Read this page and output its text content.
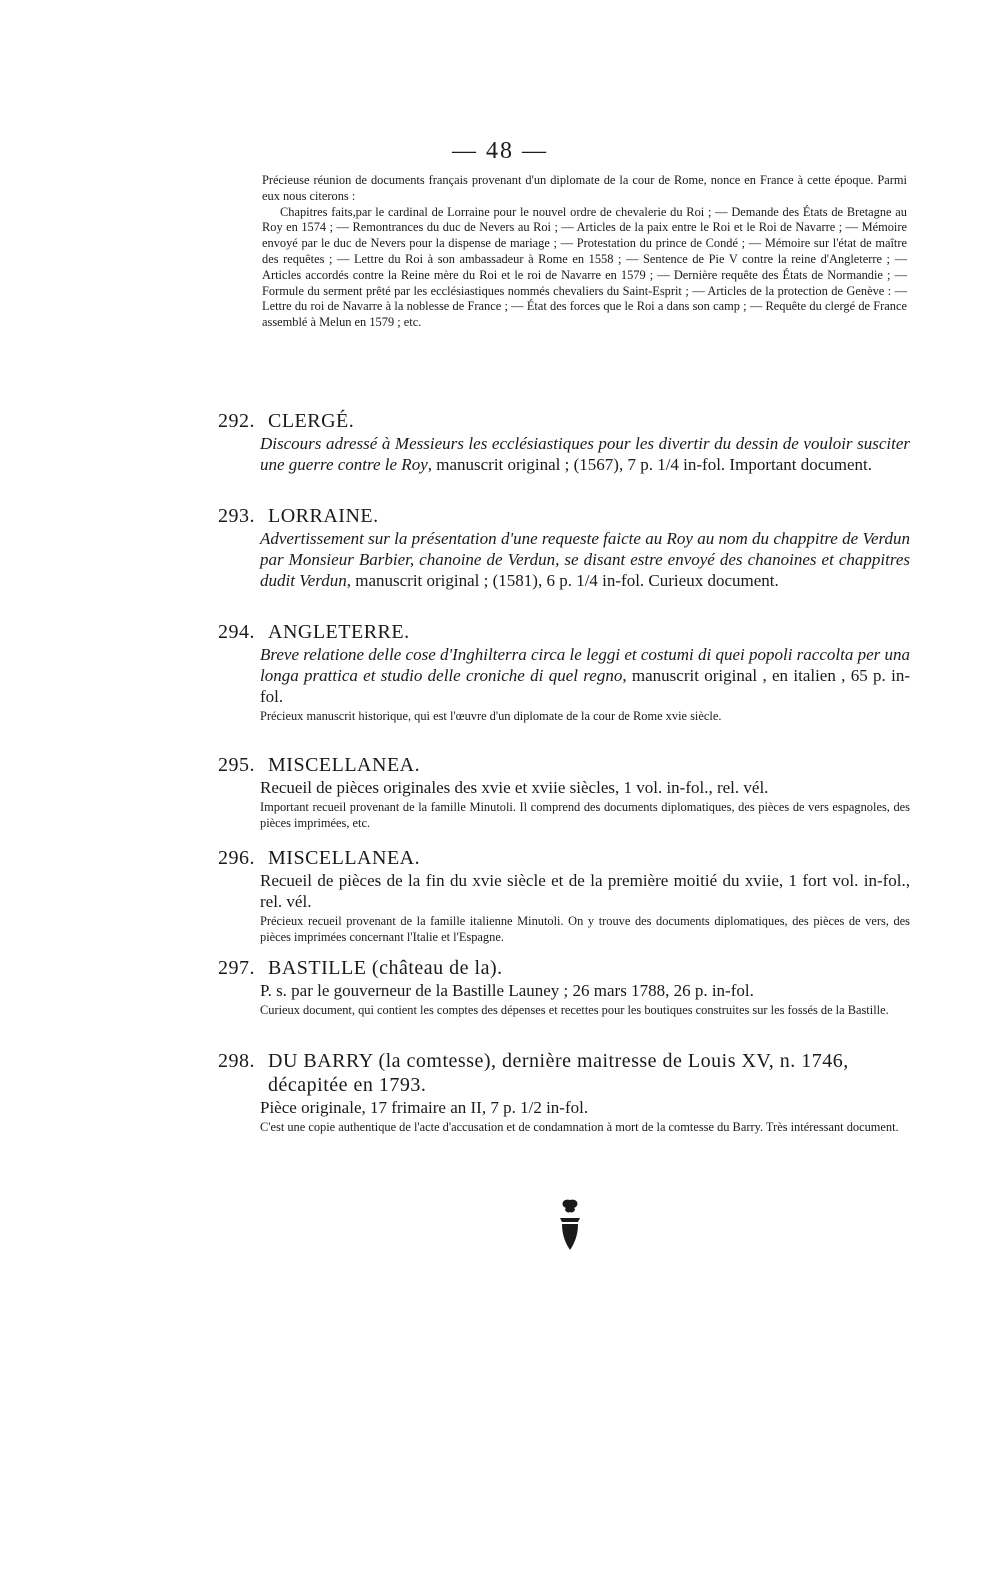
— 48 —

Précieuse réunion de documents français provenant d'un diplomate de la cour de Rome, nonce en France à cette époque. Parmi eux nous citerons :

Chapitres faits,par le cardinal de Lorraine pour le nouvel ordre de chevalerie du Roi ; — Demande des États de Bretagne au Roy en 1574 ; — Remontrances du duc de Nevers au Roi ; — Articles de la paix entre le Roi et le Roi de Navarre ; — Mémoire envoyé par le duc de Nevers pour la dispense de mariage ; — Protestation du prince de Condé ; — Mémoire sur l'état de maître des requêtes ; — Lettre du Roi à son ambassadeur à Rome en 1558 ; — Sentence de Pie V contre la reine d'Angleterre ; — Articles accordés contre la Reine mère du Roi et le roi de Navarre en 1579 ; — Dernière requête des États de Normandie ; — Formule du serment prêté par les ecclésiastiques nommés chevaliers du Saint-Esprit ; — Articles de la protection de Genève : — Lettre du roi de Navarre à la noblesse de France ; — État des forces que le Roi a dans son camp ; — Requête du clergé de France assemblé à Melun en 1579 ; etc.

292. CLERGÉ.
Discours adressé à Messieurs les ecclésiastiques pour les divertir du dessin de vouloir susciter une guerre contre le Roy, manuscrit original ; (1567), 7 p. 1/4 in-fol. Important document.
293. LORRAINE.
Advertissement sur la présentation d'une requeste faicte au Roy au nom du chappitre de Verdun par Monsieur Barbier, chanoine de Verdun, se disant estre envoyé des chanoines et chappitres dudit Verdun, manuscrit original ; (1581), 6 p. 1/4 in-fol. Curieux document.
294. ANGLETERRE.
Breve relatione delle cose d'Inghilterra circa le leggi et costumi di quei popoli raccolta per una longa prattica et studio delle croniche di quel regno, manuscrit original , en italien , 65 p. in-fol.
Précieux manuscrit historique, qui est l'œuvre d'un diplomate de la cour de Rome xvie siècle.
295. MISCELLANEA.
Recueil de pièces originales des xvie et xviie siècles, 1 vol. in-fol., rel. vél.
Important recueil provenant de la famille Minutoli. Il comprend des documents diplomatiques, des pièces de vers espagnoles, des pièces imprimées, etc.
296. MISCELLANEA.
Recueil de pièces de la fin du xvie siècle et de la première moitié du xviie, 1 fort vol. in-fol., rel. vél.
Précieux recueil provenant de la famille italienne Minutoli. On y trouve des documents diplomatiques, des pièces de vers, des pièces imprimées concernant l'Italie et l'Espagne.
297. BASTILLE (château de la).
P. s. par le gouverneur de la Bastille Launey ; 26 mars 1788, 26 p. in-fol.
Curieux document, qui contient les comptes des dépenses et recettes pour les boutiques construites sur les fossés de la Bastille.
298. DU BARRY (la comtesse), dernière maitresse de Louis XV, n. 1746, décapitée en 1793.
Pièce originale, 17 frimaire an II, 7 p. 1/2 in-fol.
C'est une copie authentique de l'acte d'accusation et de condamnation à mort de la comtesse du Barry. Très intéressant document.
